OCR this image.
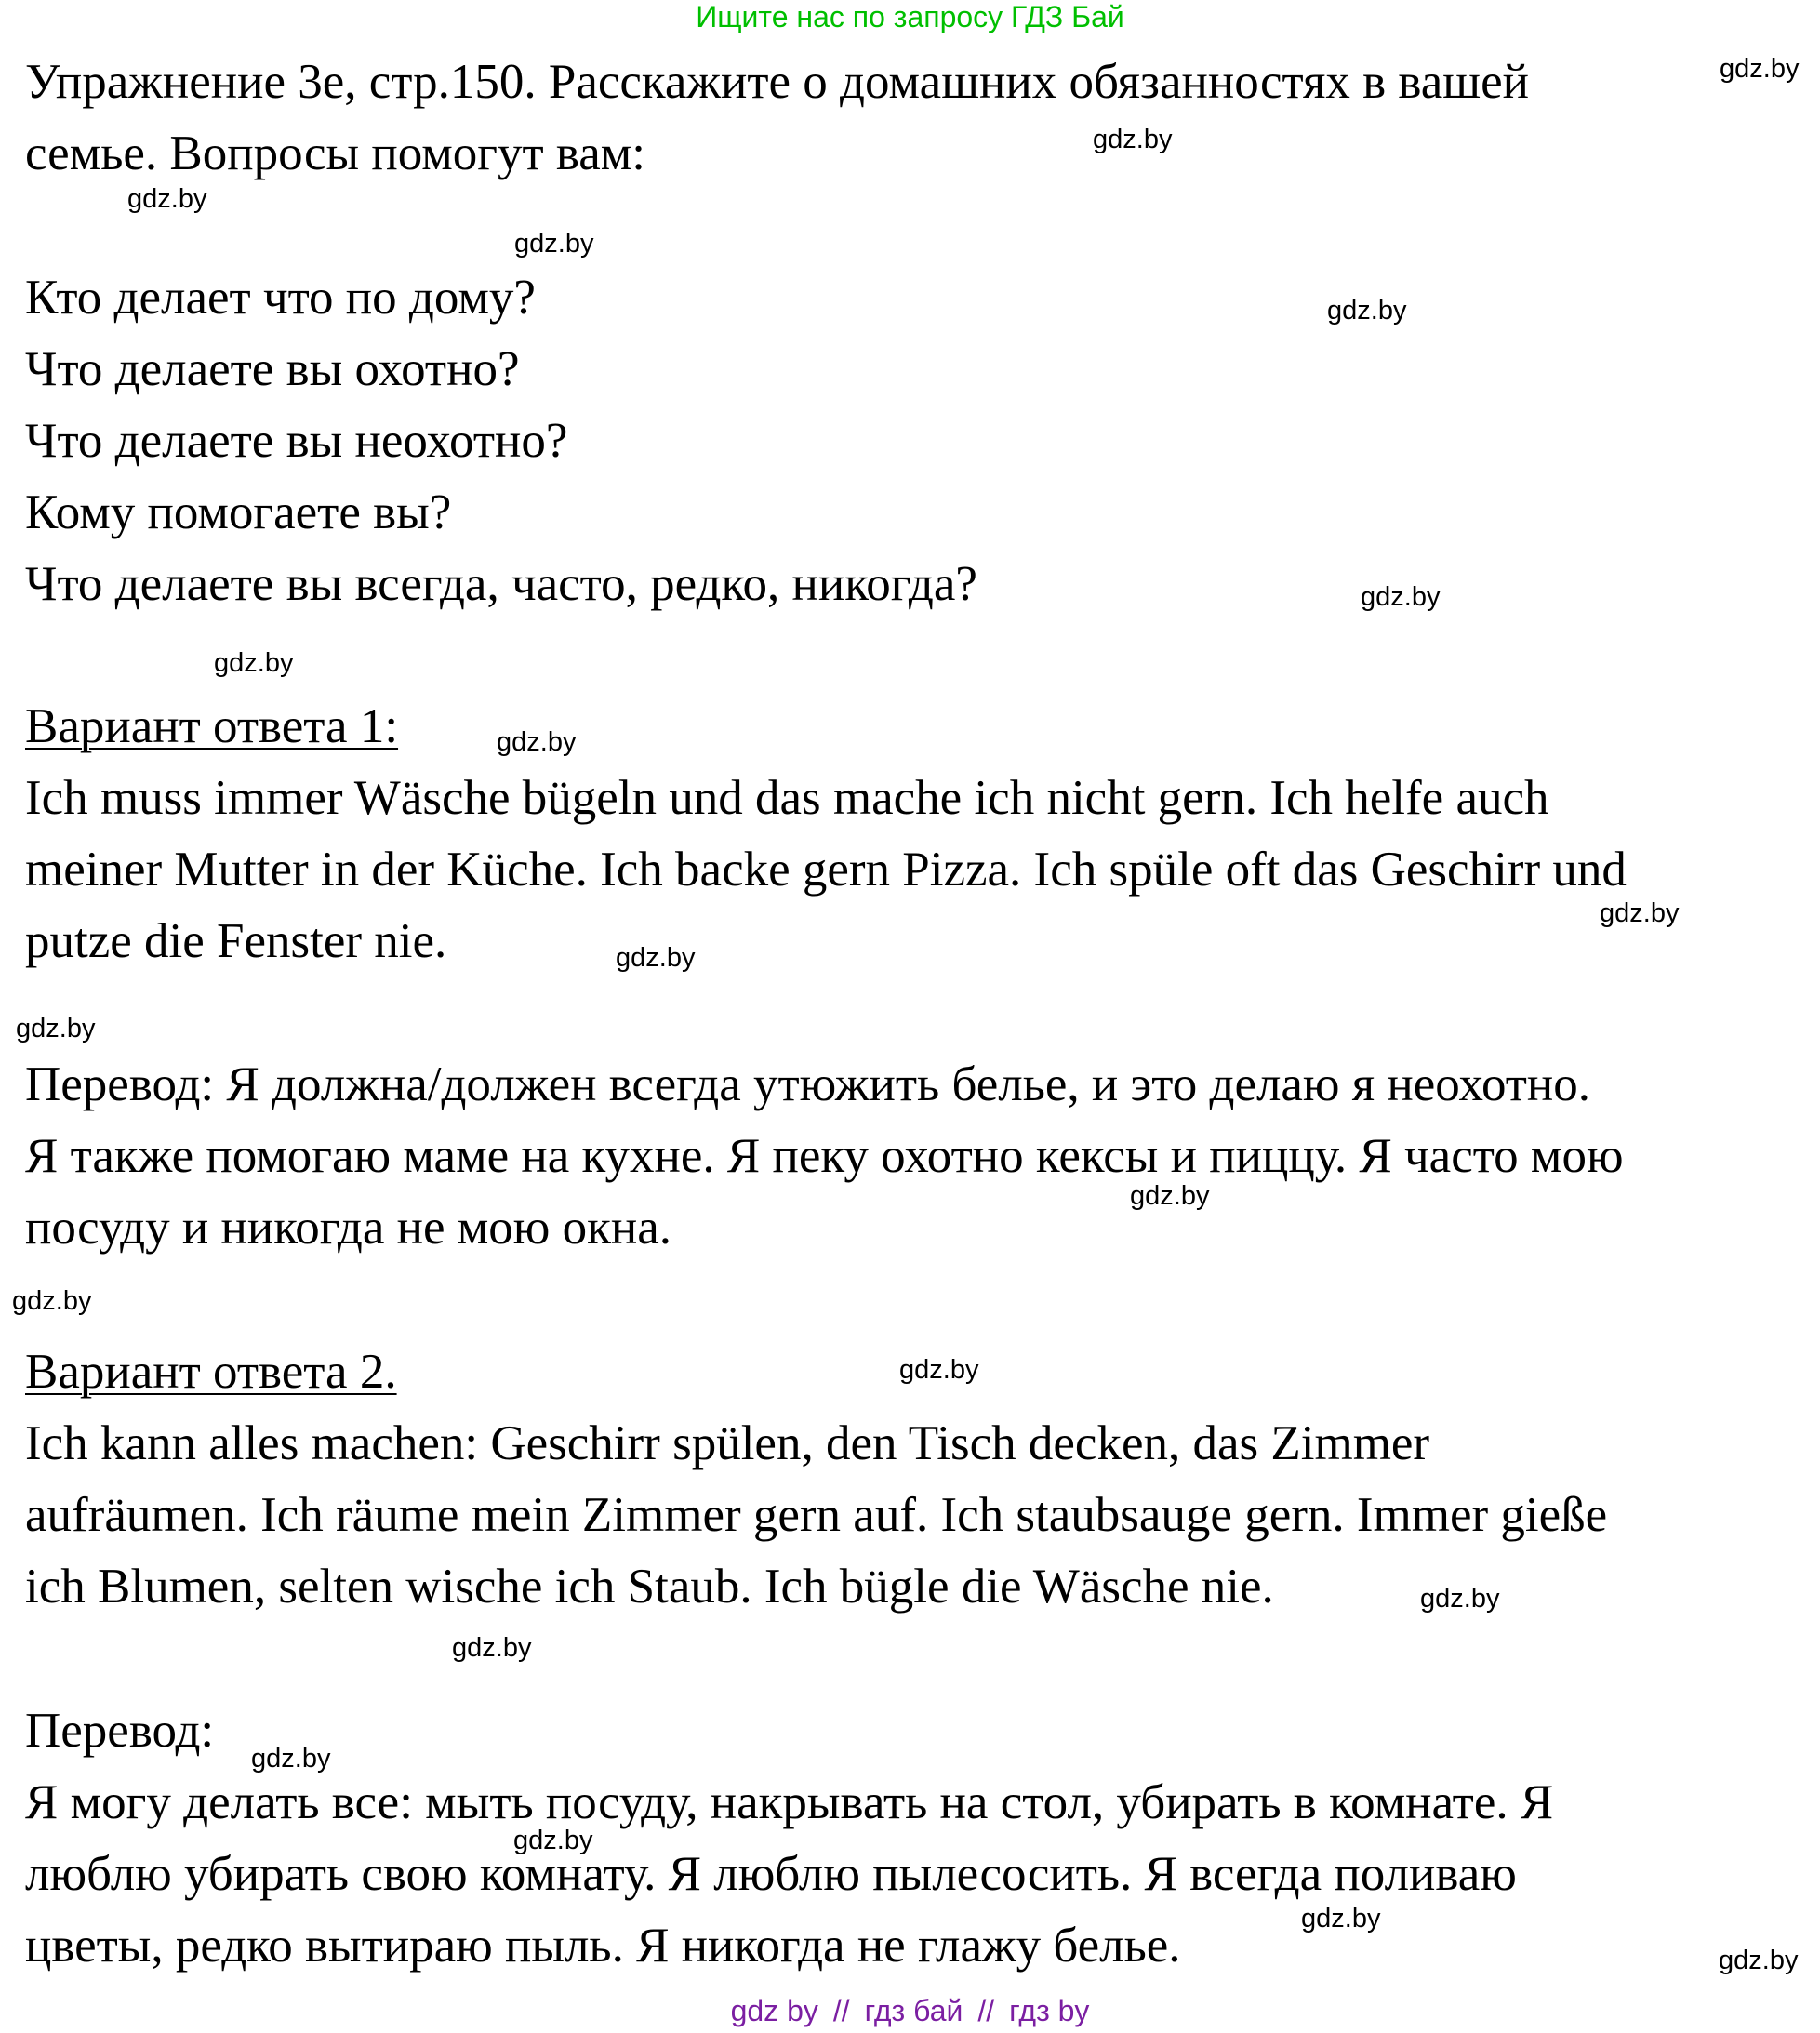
Ищите нас по запросу ГДЗ Бай
Упражнение 3е, стр.150. Расскажите о домашних обязанностях в вашей
семье. Вопросы помогут вам:
Кто делает что по дому?
Что делаете вы охотно?
Что делаете вы неохотно?
Кому помогаете вы?
Что делаете вы всегда, часто, редко, никогда?
Вариант ответа 1:
Ich muss immer Wäsche bügeln und das mache ich nicht gern. Ich helfe auch
meiner Mutter in der Küche. Ich backe gern Pizza. Ich spüle oft das Geschirr und
putze die Fenster nie.
Перевод: Я должна/должен всегда утюжить белье, и это делаю я неохотно.
Я также помогаю маме на кухне. Я пеку охотно кексы и пиццу. Я часто мою
посуду и никогда не мою окна.
Вариант ответа 2.
Ich kann alles machen: Geschirr spülen, den Tisch decken, das Zimmer
aufräumen. Ich räume mein Zimmer gern auf. Ich staubsauge gern. Immer gieße
ich Blumen, selten wische ich Staub. Ich bügle die Wäsche nie.
Перевод:
Я могу делать все: мыть посуду, накрывать на стол, убирать в комнате. Я
люблю убирать свою комнату. Я люблю пылесосить. Я всегда поливаю
цветы, редко вытираю пыль. Я никогда не глажу белье.
gdz.by
gdz.by
gdz.by
gdz.by
gdz.by
gdz.by
gdz.by
gdz.by
gdz.by
gdz.by
gdz.by
gdz.by
gdz.by
gdz.by
gdz.by
gdz.by
gdz.by
gdz.by
gdz.by
gdz.by
gdz by // гдз бай // гдз by
